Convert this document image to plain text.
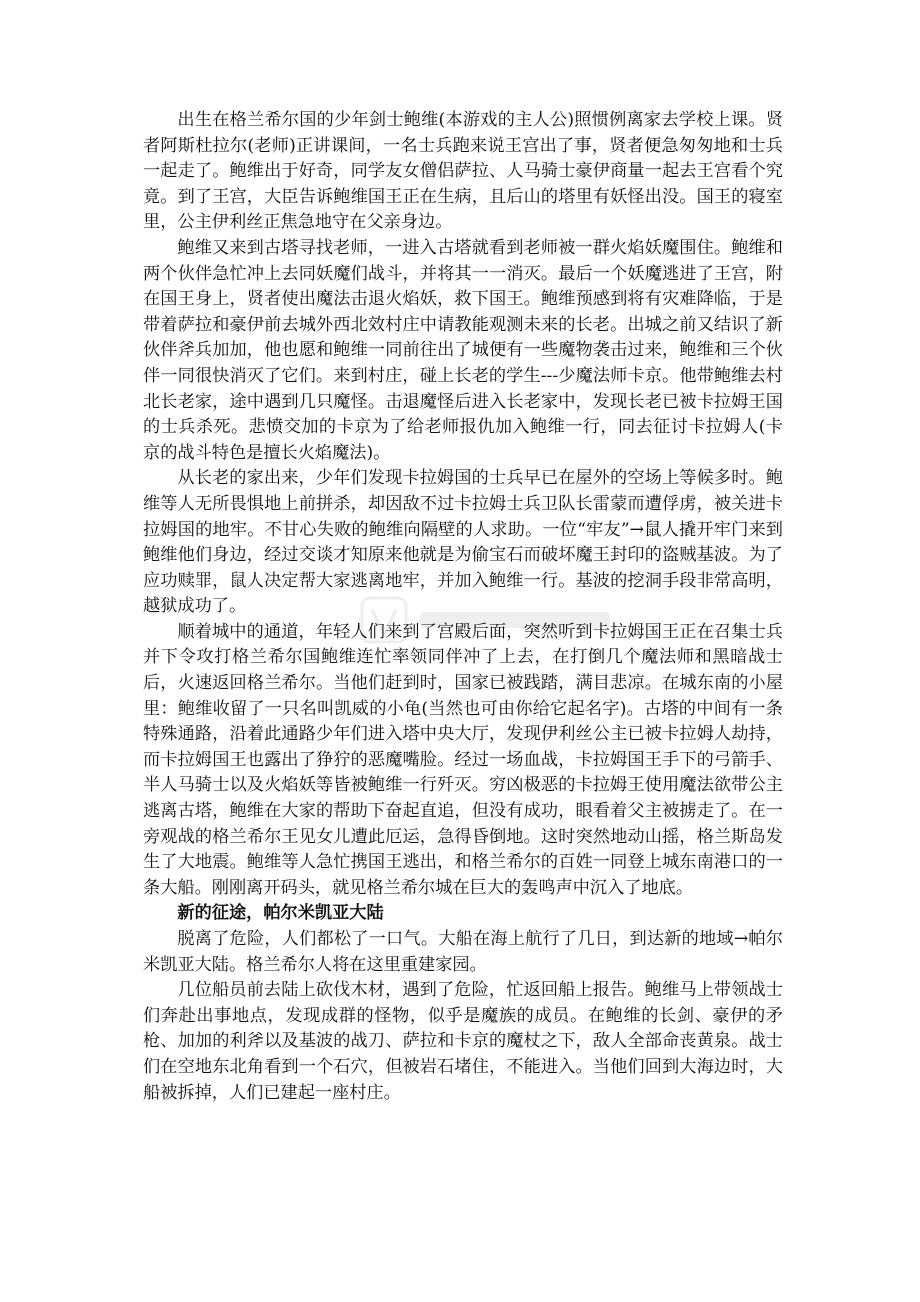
出生在格兰希尔国的少年剑士鲍维(本游戏的主人公)照惯例离家去学校上课。贤者阿斯杜拉尔(老师)正讲课间，一名士兵跑来说王宫出了事，贤者便急匆匆地和士兵一起走了。鲍维出于好奇，同学友女僧侣萨拉、人马骑士豪伊商量一起去王宫看个究竟。到了王宫，大臣告诉鲍维国王正在生病，且后山的塔里有妖怪出没。国王的寝室里，公主伊利丝正焦急地守在父亲身边。

鲍维又来到古塔寻找老师，一进入古塔就看到老师被一群火焰妖魔围住。鲍维和两个伙伴急忙冲上去同妖魔们战斗，并将其一一消灭。最后一个妖魔逃进了王宫，附在国王身上，贤者使出魔法击退火焰妖，救下国王。鲍维预感到将有灾难降临，于是带着萨拉和豪伊前去城外西北效村庄中请教能观测未来的长老。出城之前又结识了新伙伴斧兵加加，他也愿和鲍维一同前往出了城便有一些魔物袭击过来，鲍维和三个伙伴一同很快消灭了它们。来到村庄，碰上长老的学生---少魔法师卡京。他带鲍维去村北长老家，途中遇到几只魔怪。击退魔怪后进入长老家中，发现长老已被卡拉姆王国的士兵杀死。悲愤交加的卡京为了给老师报仇加入鲍维一行，同去征讨卡拉姆人(卡京的战斗特色是擅长火焰魔法)。

从长老的家出来，少年们发现卡拉姆国的士兵早已在屋外的空场上等候多时。鲍维等人无所畏惧地上前拼杀，却因敌不过卡拉姆士兵卫队长雷蒙而遭俘虏，被关进卡拉姆国的地牢。不甘心失败的鲍维向隔壁的人求助。一位“牢友”→鼠人撬开牢门来到鲍维他们身边，经过交谈才知原来他就是为偷宝石而破坏魔王封印的盗贼基波。为了应功赎罪，鼠人决定帮大家逃离地牢，并加入鲍维一行。基波的挖洞手段非常高明，越狱成功了。

顺着城中的通道，年轻人们来到了宫殿后面，突然听到卡拉姆国王正在召集士兵并下令攻打格兰希尔国鲍维连忙率领同伴冲了上去，在打倒几个魔法师和黑暗战士后，火速返回格兰希尔。当他们赶到时，国家已被践踏，满目悲凉。在城东南的小屋里：鲍维收留了一只名叫凯威的小龟(当然也可由你给它起名字)。古塔的中间有一条特殊通路，沿着此通路少年们进入塔中央大厅，发现伊利丝公主已被卡拉姆人劫持，而卡拉姆国王也露出了狰狞的恶魔嘴脸。经过一场血战，卡拉姆国王手下的弓箭手、半人马骑士以及火焰妖等皆被鲍维一行歼灭。穷凶极恶的卡拉姆王使用魔法欲带公主逃离古塔，鲍维在大家的帮助下奋起直追，但没有成功，眼看着父主被掳走了。在一旁观战的格兰希尔王见女儿遭此厄运，急得昏倒地。这时突然地动山摇，格兰斯岛发生了大地震。鲍维等人急忙携国王逃出，和格兰希尔的百姓一同登上城东南港口的一条大船。刚刚离开码头，就见格兰希尔城在巨大的轰鸣声中沉入了地底。

新的征途，帕尔米凯亚大陆

脱离了危险，人们都松了一口气。大船在海上航行了几日，到达新的地域→帕尔米凯亚大陆。格兰希尔人将在这里重建家园。

几位船员前去陆上砍伐木材，遇到了危险，忙返回船上报告。鲍维马上带领战士们奔赴出事地点，发现成群的怪物，似乎是魔族的成员。在鲍维的长剑、豪伊的矛枪、加加的利斧以及基波的战刀、萨拉和卡京的魔杖之下，敌人全部命丧黄泉。战士们在空地东北角看到一个石穴，但被岩石堵住，不能进入。当他们回到大海边时，大船被拆掉，人们已建起一座村庄。
